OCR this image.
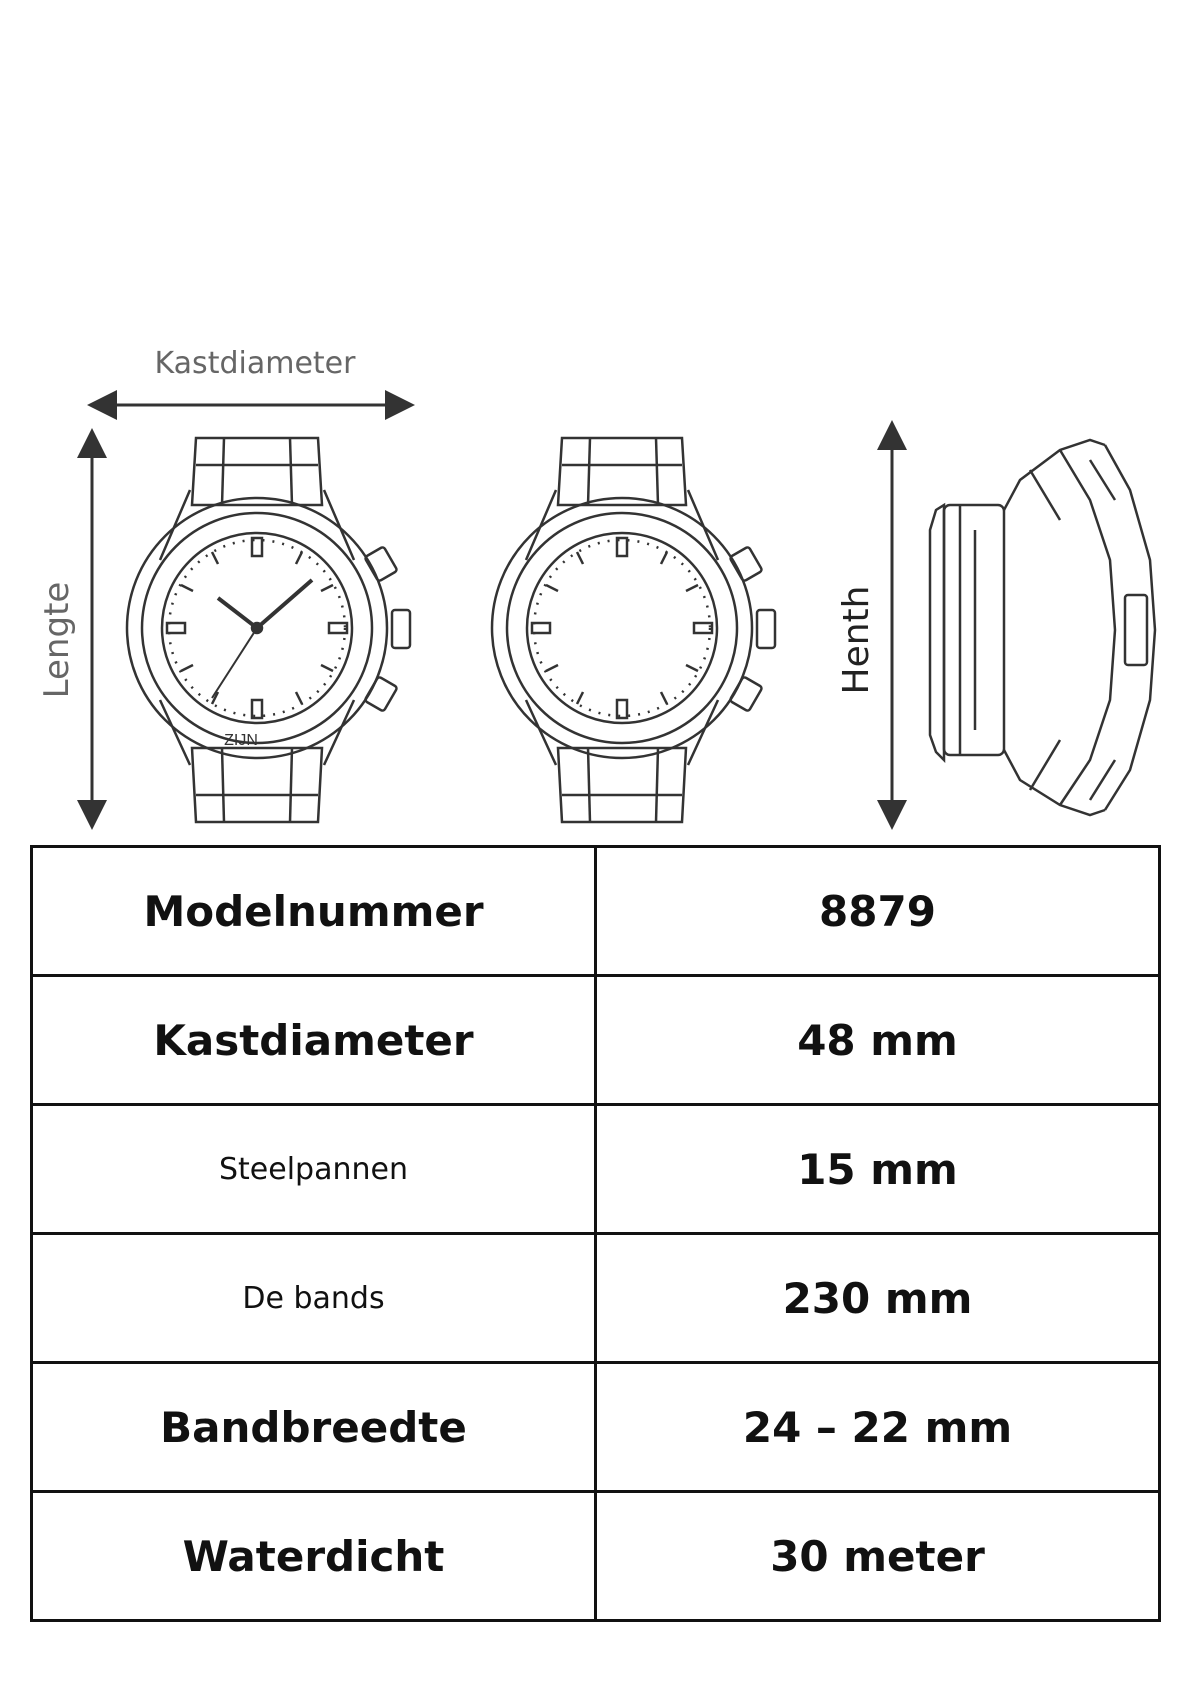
Kastdiameter
Lengte	Henth
ZIJN
Modelnummer	8879
Kastdiameter	48 mm
Steelpannen	15 mm
De bands	230 mm
Bandbreedte	24 – 22 mm
Waterdicht	30 meter
